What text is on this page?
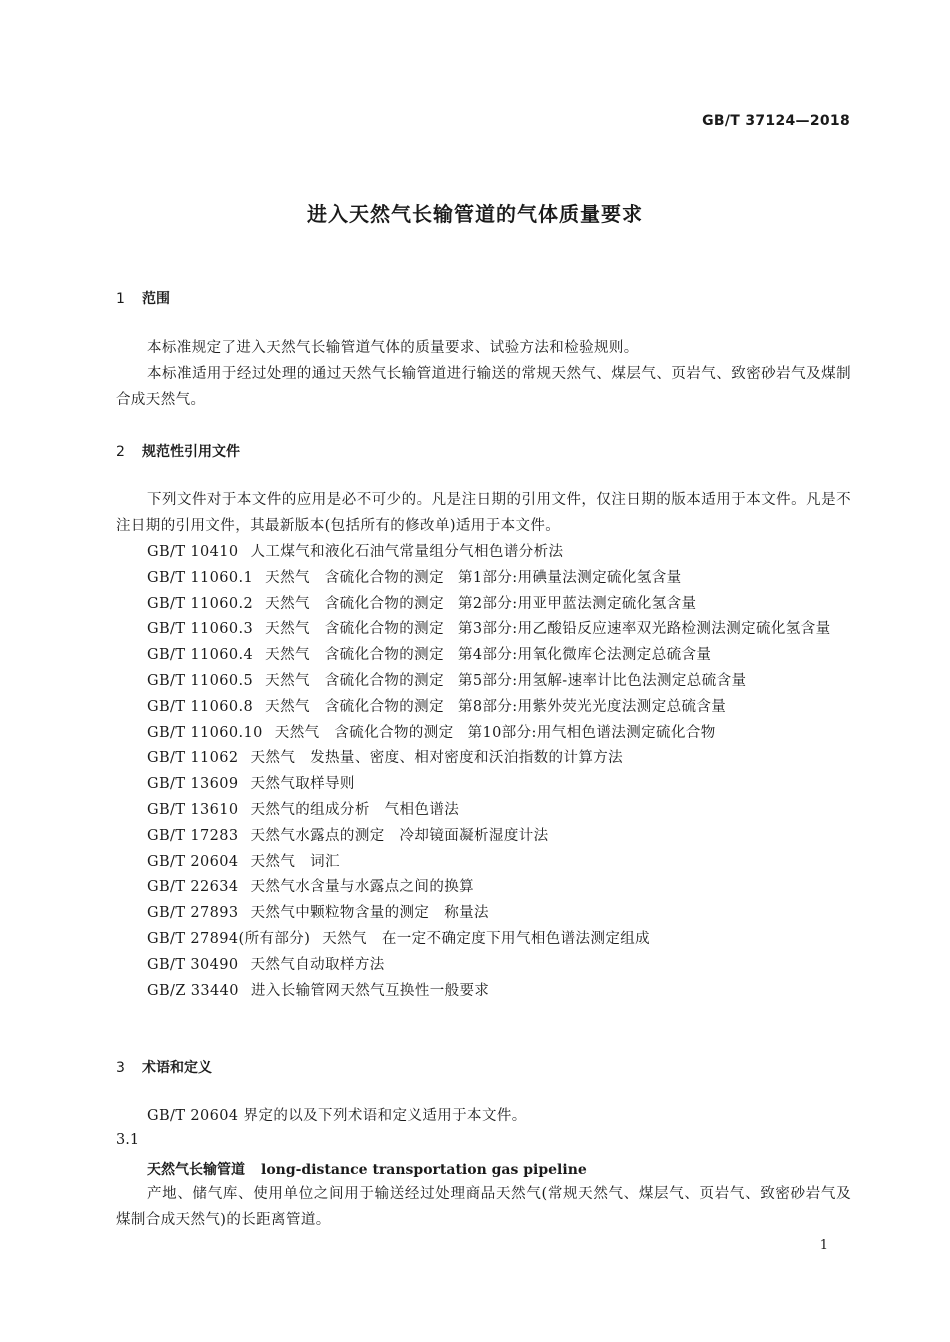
GB/T 37124—2018
进入天然气长输管道的气体质量要求
1 范围
本标准规定了进入天然气长输管道气体的质量要求、试验方法和检验规则。
本标准适用于经过处理的通过天然气长输管道进行输送的常规天然气、煤层气、页岩气、致密砂岩气及煤制合成天然气。
2 规范性引用文件
下列文件对于本文件的应用是必不可少的。凡是注日期的引用文件，仅注日期的版本适用于本文件。凡是不注日期的引用文件，其最新版本(包括所有的修改单)适用于本文件。
GB/T 10410 人工煤气和液化石油气常量组分气相色谱分析法
GB/T 11060.1 天然气　含硫化合物的测定 第1部分:用碘量法测定硫化氢含量
GB/T 11060.2 天然气　含硫化合物的测定 第2部分:用亚甲蓝法测定硫化氢含量
GB/T 11060.3 天然气　含硫化合物的测定 第3部分:用乙酸铅反应速率双光路检测法测定硫化氢含量
GB/T 11060.4 天然气　含硫化合物的测定 第4部分:用氧化微库仑法测定总硫含量
GB/T 11060.5 天然气　含硫化合物的测定 第5部分:用氢解-速率计比色法测定总硫含量
GB/T 11060.8 天然气　含硫化合物的测定 第8部分:用紫外荧光光度法测定总硫含量
GB/T 11060.10 天然气　含硫化合物的测定 第10部分:用气相色谱法测定硫化合物
GB/T 11062 天然气　发热量、密度、相对密度和沃泊指数的计算方法
GB/T 13609 天然气取样导则
GB/T 13610 天然气的组成分析　气相色谱法
GB/T 17283 天然气水露点的测定　冷却镜面凝析湿度计法
GB/T 20604 天然气　词汇
GB/T 22634 天然气水含量与水露点之间的换算
GB/T 27893 天然气中颗粒物含量的测定　称量法
GB/T 27894(所有部分) 天然气　在一定不确定度下用气相色谱法测定组成
GB/T 30490 天然气自动取样方法
GB/Z 33440 进入长输管网天然气互换性一般要求
3 术语和定义
GB/T 20604 界定的以及下列术语和定义适用于本文件。
3.1
天然气长输管道 long-distance transportation gas pipeline
产地、储气库、使用单位之间用于输送经过处理商品天然气(常规天然气、煤层气、页岩气、致密砂岩气及煤制合成天然气)的长距离管道。
1
